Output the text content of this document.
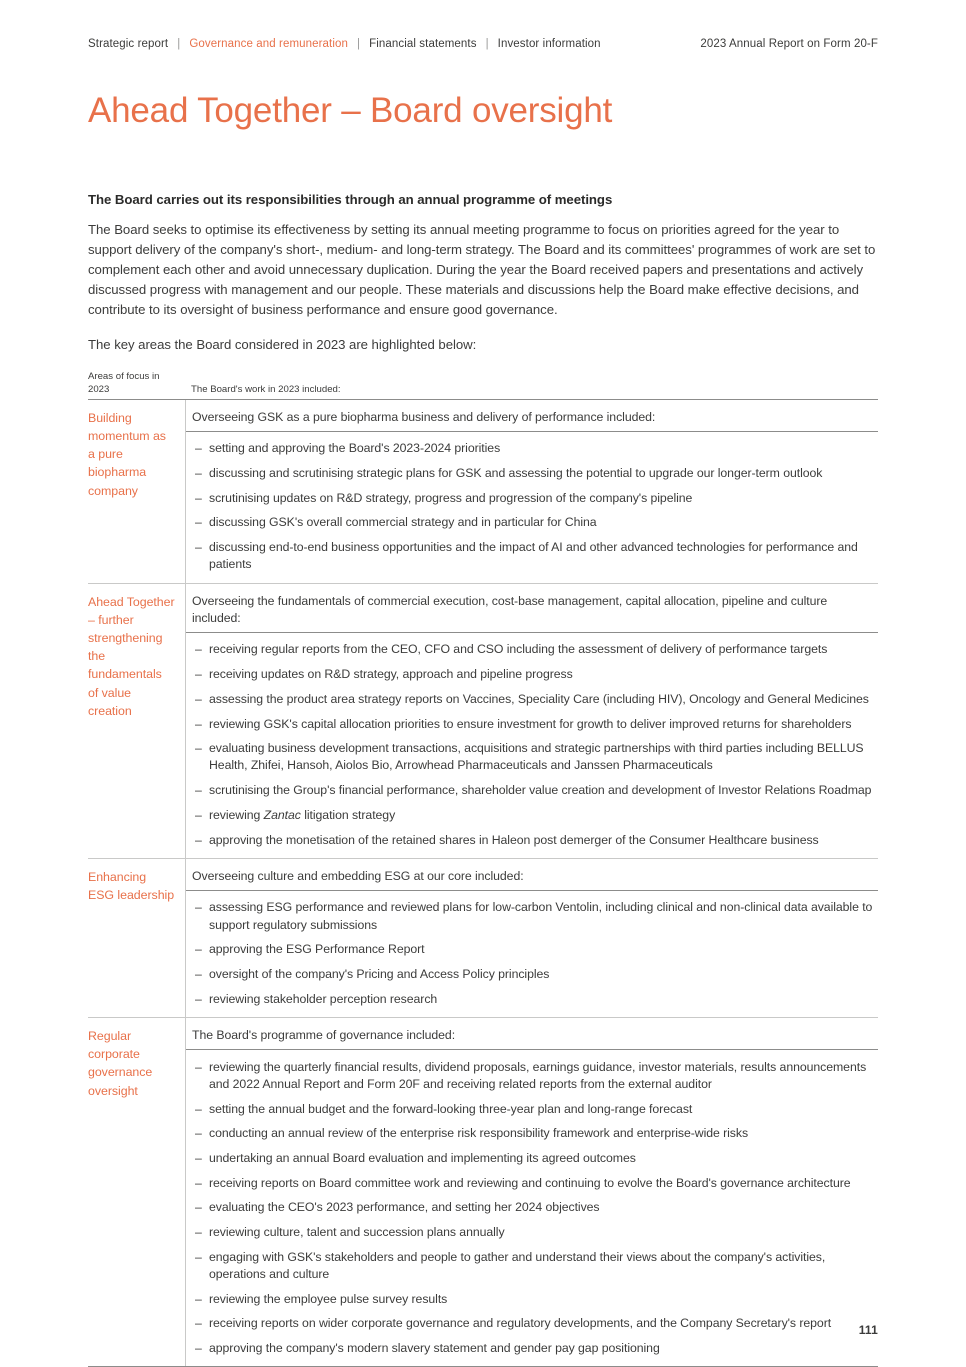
Strategic report | Governance and remuneration | Financial statements | Investor information	2023 Annual Report on Form 20-F
Ahead Together – Board oversight

The Board carries out its responsibilities through an annual programme of meetings

The Board seeks to optimise its effectiveness by setting its annual meeting programme to focus on priorities agreed for the year to support delivery of the company's short-, medium- and long-term strategy. The Board and its committees' programmes of work are set to complement each other and avoid unnecessary duplication. During the year the Board received papers and presentations and actively discussed progress with management and our people. These materials and discussions help the Board make effective decisions, and contribute to its oversight of business performance and ensure good governance.

The key areas the Board considered in 2023 are highlighted below:

Areas of focus in
2023	The Board's work in 2023 included:
Building momentum as a pure biopharma company
Overseeing GSK as a pure biopharma business and delivery of performance included:
– setting and approving the Board's 2023-2024 priorities
– discussing and scrutinising strategic plans for GSK and assessing the potential to upgrade our longer-term outlook
– scrutinising updates on R&D strategy, progress and progression of the company's pipeline
– discussing GSK's overall commercial strategy and in particular for China
– discussing end-to-end business opportunities and the impact of AI and other advanced technologies for performance and patients
Ahead Together – further strengthening the fundamentals of value creation
Overseeing the fundamentals of commercial execution, cost-base management, capital allocation, pipeline and culture included:
– receiving regular reports from the CEO, CFO and CSO including the assessment of delivery of performance targets
– receiving updates on R&D strategy, approach and pipeline progress
– assessing the product area strategy reports on Vaccines, Speciality Care (including HIV), Oncology and General Medicines
– reviewing GSK's capital allocation priorities to ensure investment for growth to deliver improved returns for shareholders
– evaluating business development transactions, acquisitions and strategic partnerships with third parties including BELLUS Health, Zhifei, Hansoh, Aiolos Bio, Arrowhead Pharmaceuticals and Janssen Pharmaceuticals
– scrutinising the Group's financial performance, shareholder value creation and development of Investor Relations Roadmap
– reviewing Zantac litigation strategy
– approving the monetisation of the retained shares in Haleon post demerger of the Consumer Healthcare business
Enhancing ESG leadership
Overseeing culture and embedding ESG at our core included:
– assessing ESG performance and reviewed plans for low-carbon Ventolin, including clinical and non-clinical data available to support regulatory submissions
– approving the ESG Performance Report
– oversight of the company's Pricing and Access Policy principles
– reviewing stakeholder perception research
Regular corporate governance oversight
The Board's programme of governance included:
– reviewing the quarterly financial results, dividend proposals, earnings guidance, investor materials, results announcements and 2022 Annual Report and Form 20F and receiving related reports from the external auditor
– setting the annual budget and the forward-looking three-year plan and long-range forecast
– conducting an annual review of the enterprise risk responsibility framework and enterprise-wide risks
– undertaking an annual Board evaluation and implementing its agreed outcomes
– receiving reports on Board committee work and reviewing and continuing to evolve the Board's governance architecture
– evaluating the CEO's 2023 performance, and setting her 2024 objectives
– reviewing culture, talent and succession plans annually
– engaging with GSK's stakeholders and people to gather and understand their views about the company's activities, operations and culture
– reviewing the employee pulse survey results
– receiving reports on wider corporate governance and regulatory developments, and the Company Secretary's report
– approving the company's modern slavery statement and gender pay gap positioning
111
